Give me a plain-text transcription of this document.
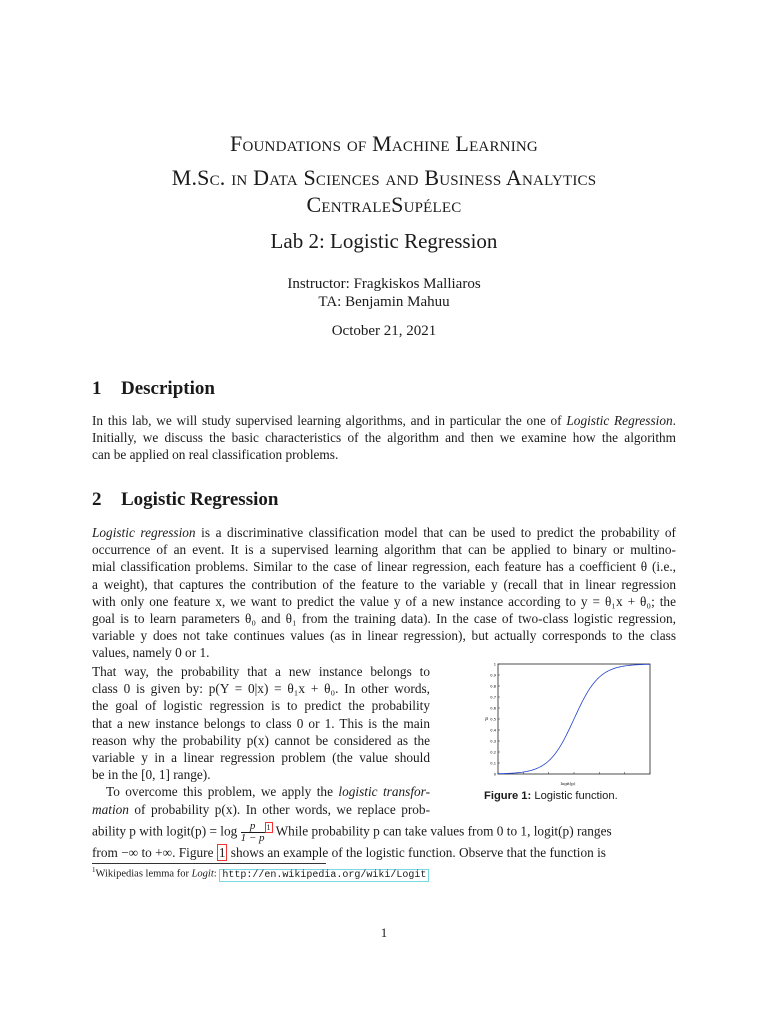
Foundations of Machine Learning
M.Sc. in Data Sciences and Business Analytics
CentraleSupélec
Lab 2: Logistic Regression
Instructor: Fragkiskos Malliaros
TA: Benjamin Mahuu
October 21, 2021
1 Description
In this lab, we will study supervised learning algorithms, and in particular the one of Logistic Regression.
Initially, we discuss the basic characteristics of the algorithm and then we examine how the algorithm
can be applied on real classification problems.
2 Logistic Regression
Logistic regression is a discriminative classification model that can be used to predict the probability of
occurrence of an event. It is a supervised learning algorithm that can be applied to binary or multino-
mial classification problems. Similar to the case of linear regression, each feature has a coefficient θ (i.e.,
a weight), that captures the contribution of the feature to the variable y (recall that in linear regression
with only one feature x, we want to predict the value y of a new instance according to y = θ₁x + θ₀; the
goal is to learn parameters θ₀ and θ₁ from the training data). In the case of two-class logistic regression,
variable y does not take continues values (as in linear regression), but actually corresponds to the class
values, namely 0 or 1.
That way, the probability that a new instance belongs to
class 0 is given by: p(Y = 0|x) = θ₁x + θ₀. In other words,
the goal of logistic regression is to predict the probability
that a new instance belongs to class 0 or 1. This is the main
reason why the probability p(x) cannot be considered as the
variable y in a linear regression problem (the value should
be in the [0, 1] range).
To overcome this problem, we apply the logistic transfor-
mation of probability p(x). In other words, we replace prob-
ability p with logit(p) = $\log \frac{p}{1 - p} ^1$ While probability p can take values from 0 to 1, logit(p) ranges
from −∞ to +∞. Figure 1 shows an example of the logistic function. Observe that the function is
0
0.1
0.2
0.3
0.4
0.5
0.6
0.7
0.8
0.9
1
p
logit(p)
Figure 1: Logistic function.
$^1$Wikipedias lemma for Logit: http://en.wikipedia.org/wiki/Logit
1
